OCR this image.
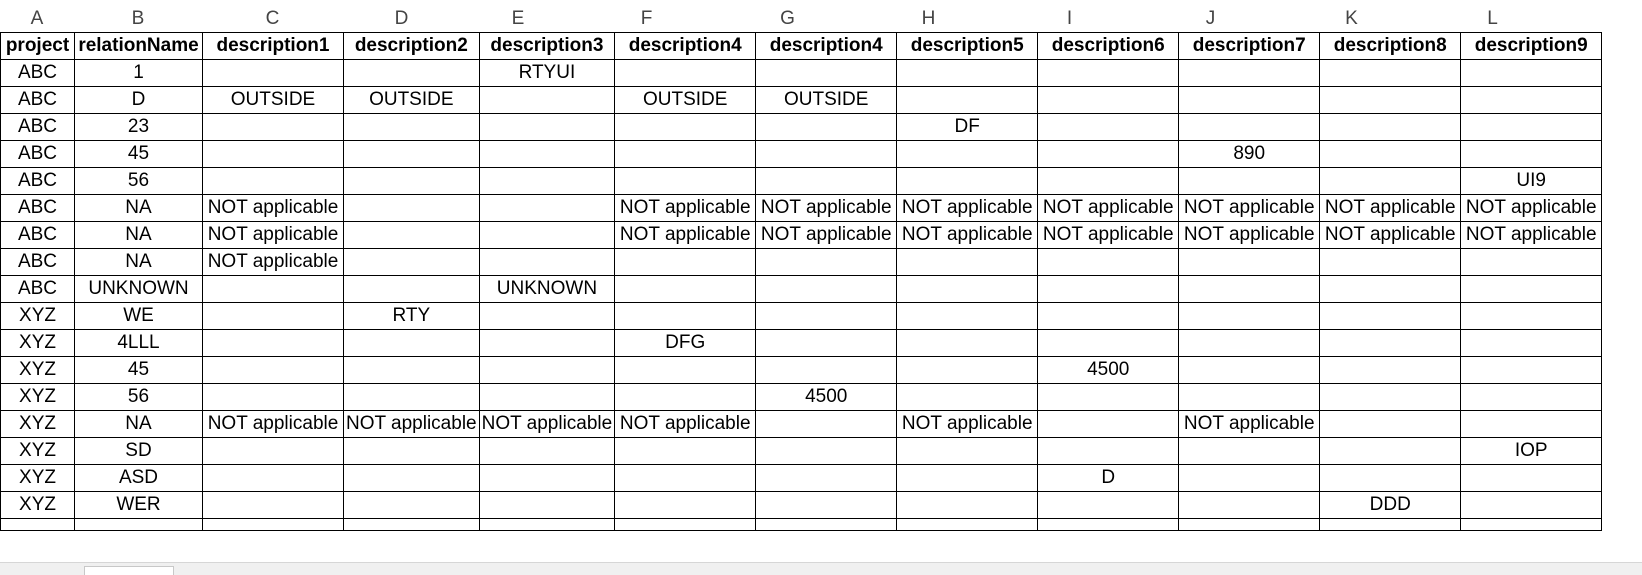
A	B	C	D	E	F	G	H	I	J	K	L
project	relationName	description1	description2	description3	description4	description4	description5	description6	description7	description8	description9
ABC	1			RTYUI							
ABC	D	OUTSIDE	OUTSIDE		OUTSIDE	OUTSIDE					
ABC	23						DF				
ABC	45								890		
ABC	56										UI9
ABC	NA	NOT applicable			NOT applicable	NOT applicable	NOT applicable	NOT applicable	NOT applicable	NOT applicable	NOT applicable
ABC	NA	NOT applicable			NOT applicable	NOT applicable	NOT applicable	NOT applicable	NOT applicable	NOT applicable	NOT applicable
ABC	NA	NOT applicable									
ABC	UNKNOWN			UNKNOWN							
XYZ	WE		RTY								
XYZ	4LLL				DFG						
XYZ	45							4500			
XYZ	56					4500					
XYZ	NA	NOT applicable	NOT applicable	NOT applicable	NOT applicable		NOT applicable		NOT applicable		
XYZ	SD										IOP
XYZ	ASD							D			
XYZ	WER									DDD	
